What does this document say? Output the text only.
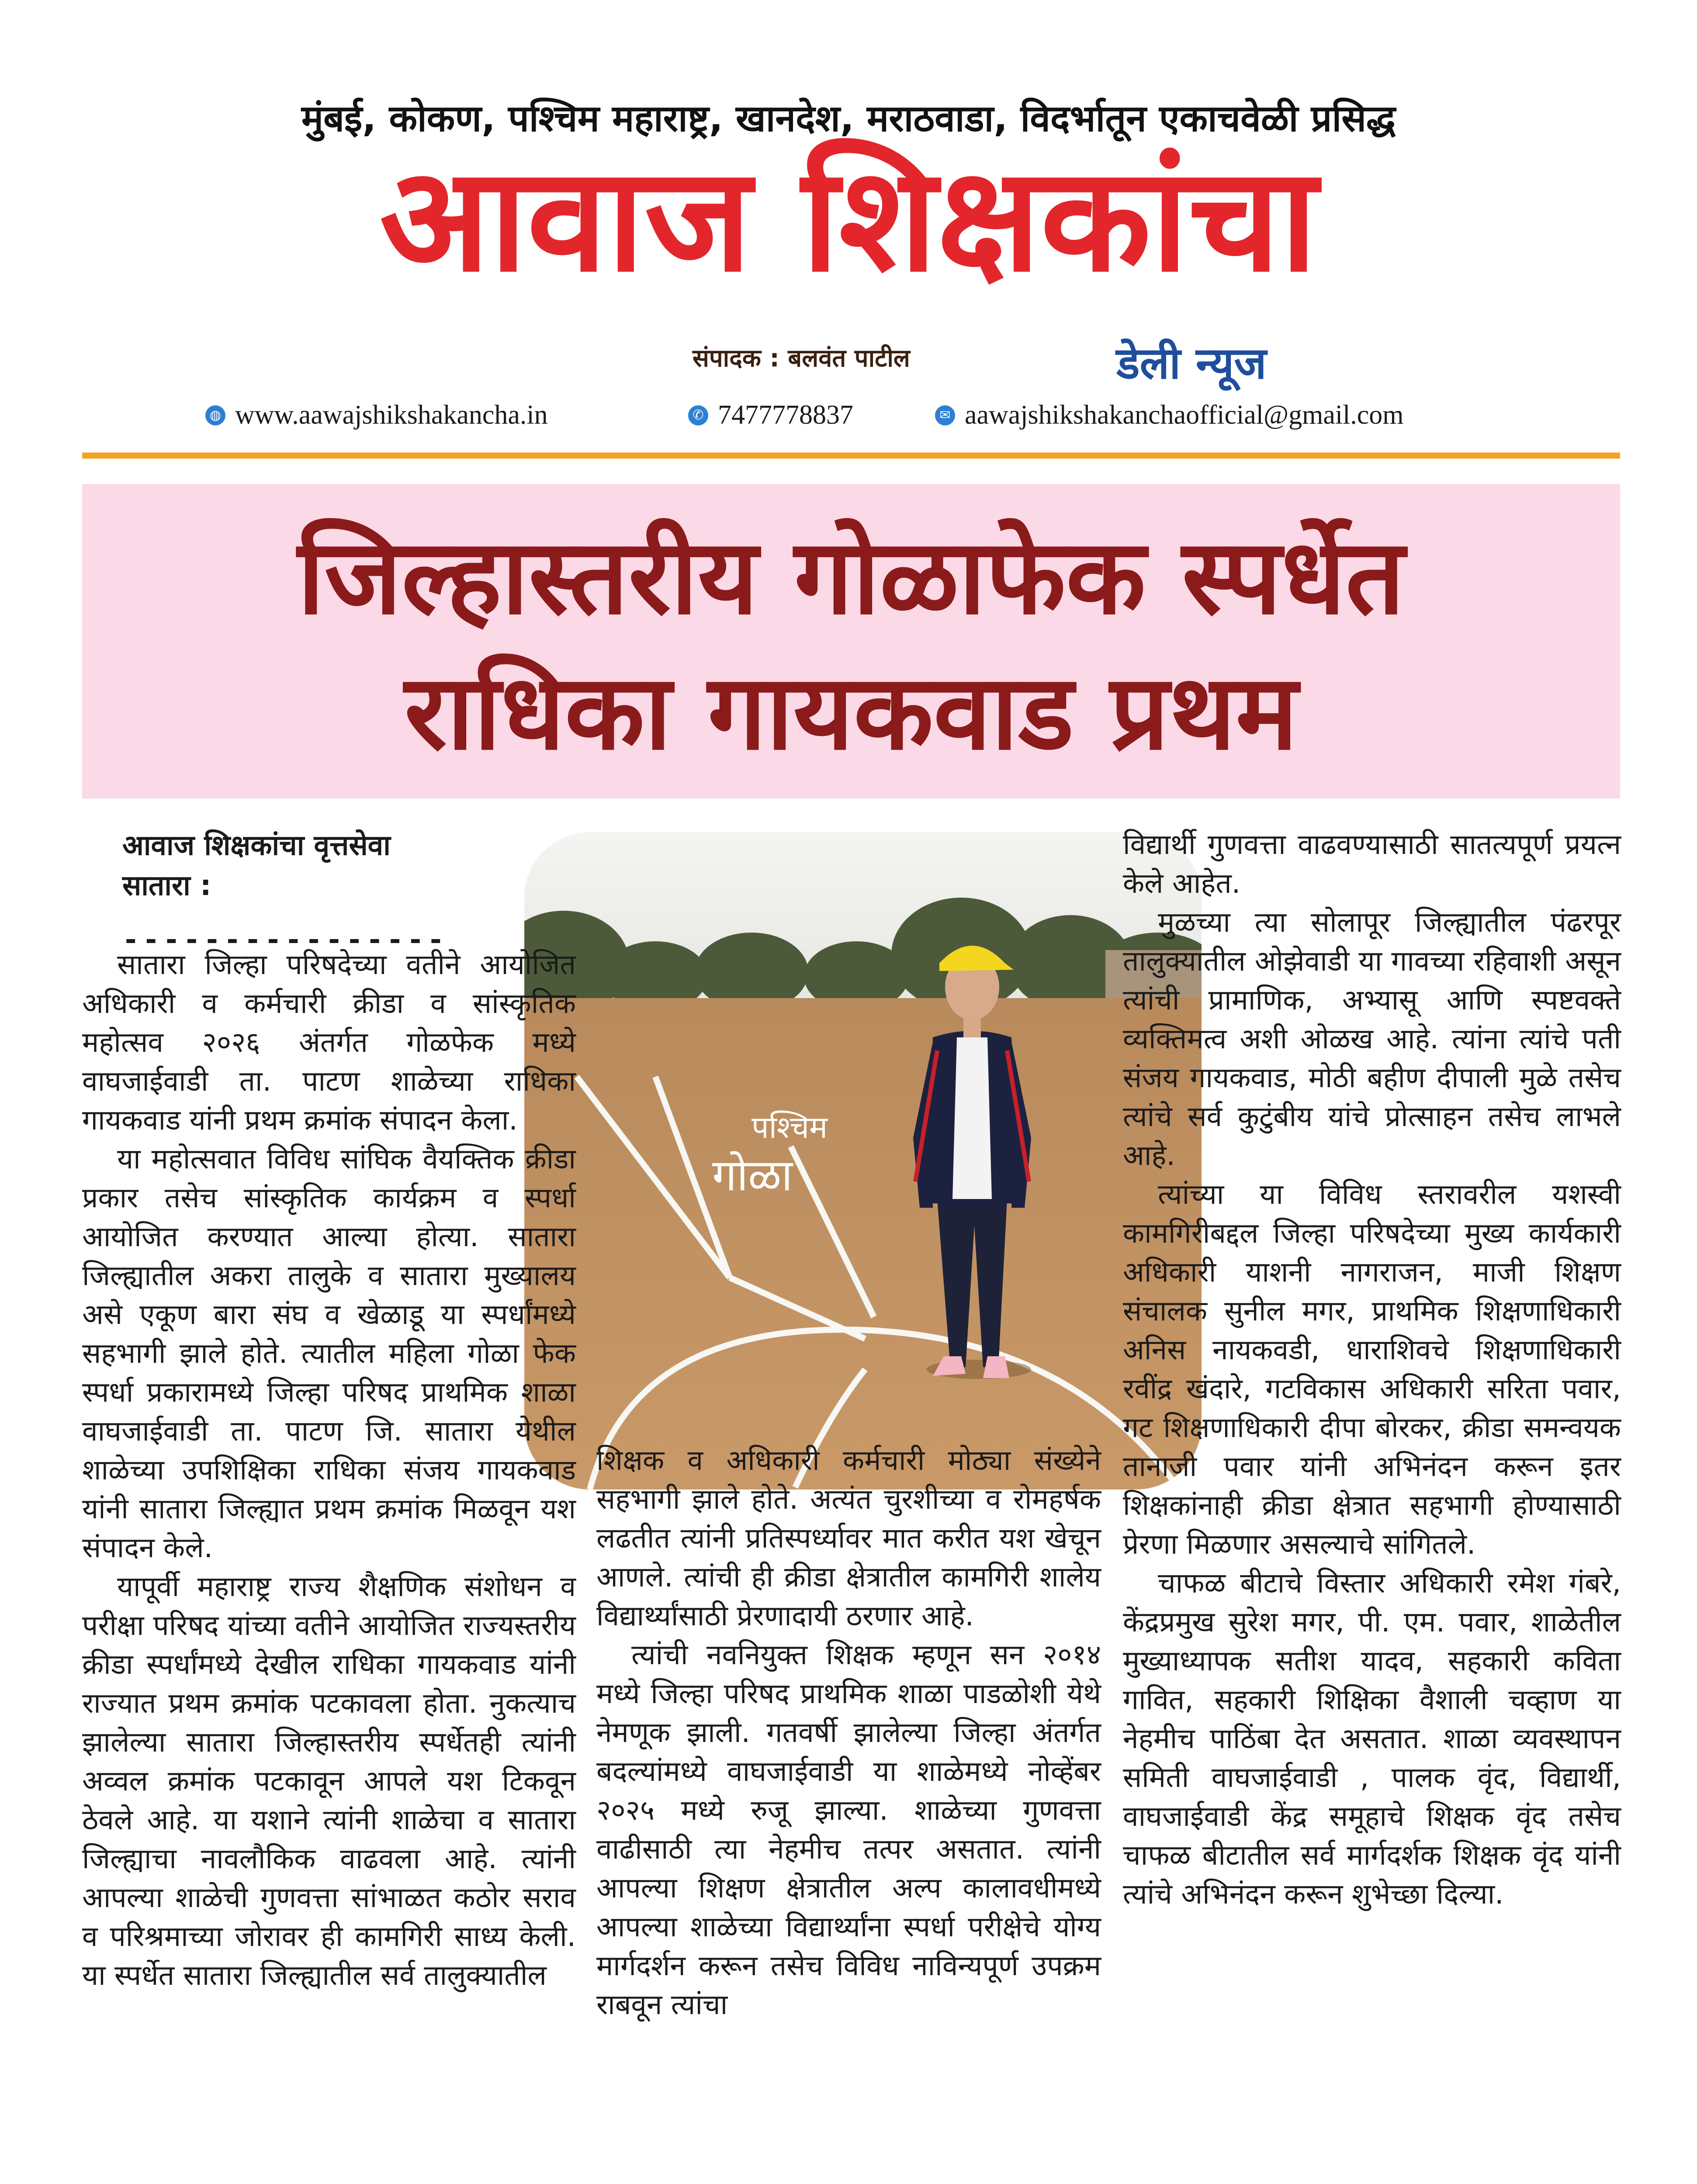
मुंबई, कोकण, पश्चिम महाराष्ट्र, खानदेश, मराठवाडा, विदर्भातून एकाचवेळी प्रसिद्ध
आवाज शिक्षकांचा
संपादक : बलवंत पाटील	डेली न्यूज
◍ www.aawajshikshakancha.in	✆ 7477778837	✉ aawajshikshakanchaofficial@gmail.com
जिल्हास्तरीय गोळाफेक स्पर्धेत
राधिका गायकवाड प्रथम
आवाज शिक्षकांचा वृत्तसेवा
सातारा :
----------------
पश्चिम
गोळा

सातारा जिल्हा परिषदेच्या वतीने आयोजित अधिकारी व कर्मचारी क्रीडा व सांस्कृतिक महोत्सव २०२६ अंतर्गत गोळफेक मध्ये वाघजाईवाडी ता. पाटण शाळेच्या राधिका गायकवाड यांनी प्रथम क्रमांक संपादन केला.

या महोत्सवात विविध सांघिक वैयक्तिक क्रीडा प्रकार तसेच सांस्कृतिक कार्यक्रम व स्पर्धा आयोजित करण्यात आल्या होत्या. सातारा जिल्ह्यातील अकरा तालुके व सातारा मुख्यालय असे एकूण बारा संघ व खेळाडू या स्पर्धांमध्ये सहभागी झाले होते. त्यातील महिला गोळा फेक स्पर्धा प्रकारामध्ये जिल्हा परिषद प्राथमिक शाळा वाघजाईवाडी ता. पाटण जि. सातारा येथील शाळेच्या उपशिक्षिका राधिका संजय गायकवाड यांनी सातारा जिल्ह्यात प्रथम क्रमांक मिळवून यश संपादन केले.

यापूर्वी महाराष्ट्र राज्य शैक्षणिक संशोधन व परीक्षा परिषद यांच्या वतीने आयोजित राज्यस्तरीय क्रीडा स्पर्धांमध्ये देखील राधिका गायकवाड यांनी राज्यात प्रथम क्रमांक पटकावला होता. नुकत्याच झालेल्या सातारा जिल्हास्तरीय स्पर्धेतही त्यांनी अव्वल क्रमांक पटकावून आपले यश टिकवून ठेवले आहे. या यशाने त्यांनी शाळेचा व सातारा जिल्ह्याचा नावलौकिक वाढवला आहे. त्यांनी आपल्या शाळेची गुणवत्ता सांभाळत कठोर सराव व परिश्रमाच्या जोरावर ही कामगिरी साध्य केली. या स्पर्धेत सातारा जिल्ह्यातील सर्व तालुक्यातील

शिक्षक व अधिकारी कर्मचारी मोठ्या संख्येने सहभागी झाले होते. अत्यंत चुरशीच्या व रोमहर्षक लढतीत त्यांनी प्रतिस्पर्ध्यावर मात करीत यश खेचून आणले. त्यांची ही क्रीडा क्षेत्रातील कामगिरी शालेय विद्यार्थ्यांसाठी प्रेरणादायी ठरणार आहे.

त्यांची नवनियुक्त शिक्षक म्हणून सन २०१४ मध्ये जिल्हा परिषद प्राथमिक शाळा पाडळोशी येथे नेमणूक झाली. गतवर्षी झालेल्या जिल्हा अंतर्गत बदल्यांमध्ये वाघजाईवाडी या शाळेमध्ये नोव्हेंबर २०२५ मध्ये रुजू झाल्या. शाळेच्या गुणवत्ता वाढीसाठी त्या नेहमीच तत्पर असतात. त्यांनी आपल्या शिक्षण क्षेत्रातील अल्प कालावधीमध्ये आपल्या शाळेच्या विद्यार्थ्यांना स्पर्धा परीक्षेचे योग्य मार्गदर्शन करून तसेच विविध नाविन्यपूर्ण उपक्रम राबवून त्यांचा

विद्यार्थी गुणवत्ता वाढवण्यासाठी सातत्यपूर्ण प्रयत्न केले आहेत.

मुळच्या त्या सोलापूर जिल्ह्यातील पंढरपूर तालुक्यातील ओझेवाडी या गावच्या रहिवाशी असून त्यांची प्रामाणिक, अभ्यासू आणि स्पष्टवक्ते व्यक्तिमत्व अशी ओळख आहे. त्यांना त्यांचे पती संजय गायकवाड, मोठी बहीण दीपाली मुळे तसेच त्यांचे सर्व कुटुंबीय यांचे प्रोत्साहन तसेच लाभले आहे.

त्यांच्या या विविध स्तरावरील यशस्वी कामगिरीबद्दल जिल्हा परिषदेच्या मुख्य कार्यकारी अधिकारी याशनी नागराजन, माजी शिक्षण संचालक सुनील मगर, प्राथमिक शिक्षणाधिकारी अनिस नायकवडी, धाराशिवचे शिक्षणाधिकारी रवींद्र खंदारे, गटविकास अधिकारी सरिता पवार, गट शिक्षणाधिकारी दीपा बोरकर, क्रीडा समन्वयक तानाजी पवार यांनी अभिनंदन करून इतर शिक्षकांनाही क्रीडा क्षेत्रात सहभागी होण्यासाठी प्रेरणा मिळणार असल्याचे सांगितले.

चाफळ बीटाचे विस्तार अधिकारी रमेश गंबरे, केंद्रप्रमुख सुरेश मगर, पी. एम. पवार, शाळेतील मुख्याध्यापक सतीश यादव, सहकारी कविता गावित, सहकारी शिक्षिका वैशाली चव्हाण या नेहमीच पाठिंबा देत असतात. शाळा व्यवस्थापन समिती वाघजाईवाडी , पालक वृंद, विद्यार्थी, वाघजाईवाडी केंद्र समूहाचे शिक्षक वृंद तसेच चाफळ बीटातील सर्व मार्गदर्शक शिक्षक वृंद यांनी त्यांचे अभिनंदन करून शुभेच्छा दिल्या.
